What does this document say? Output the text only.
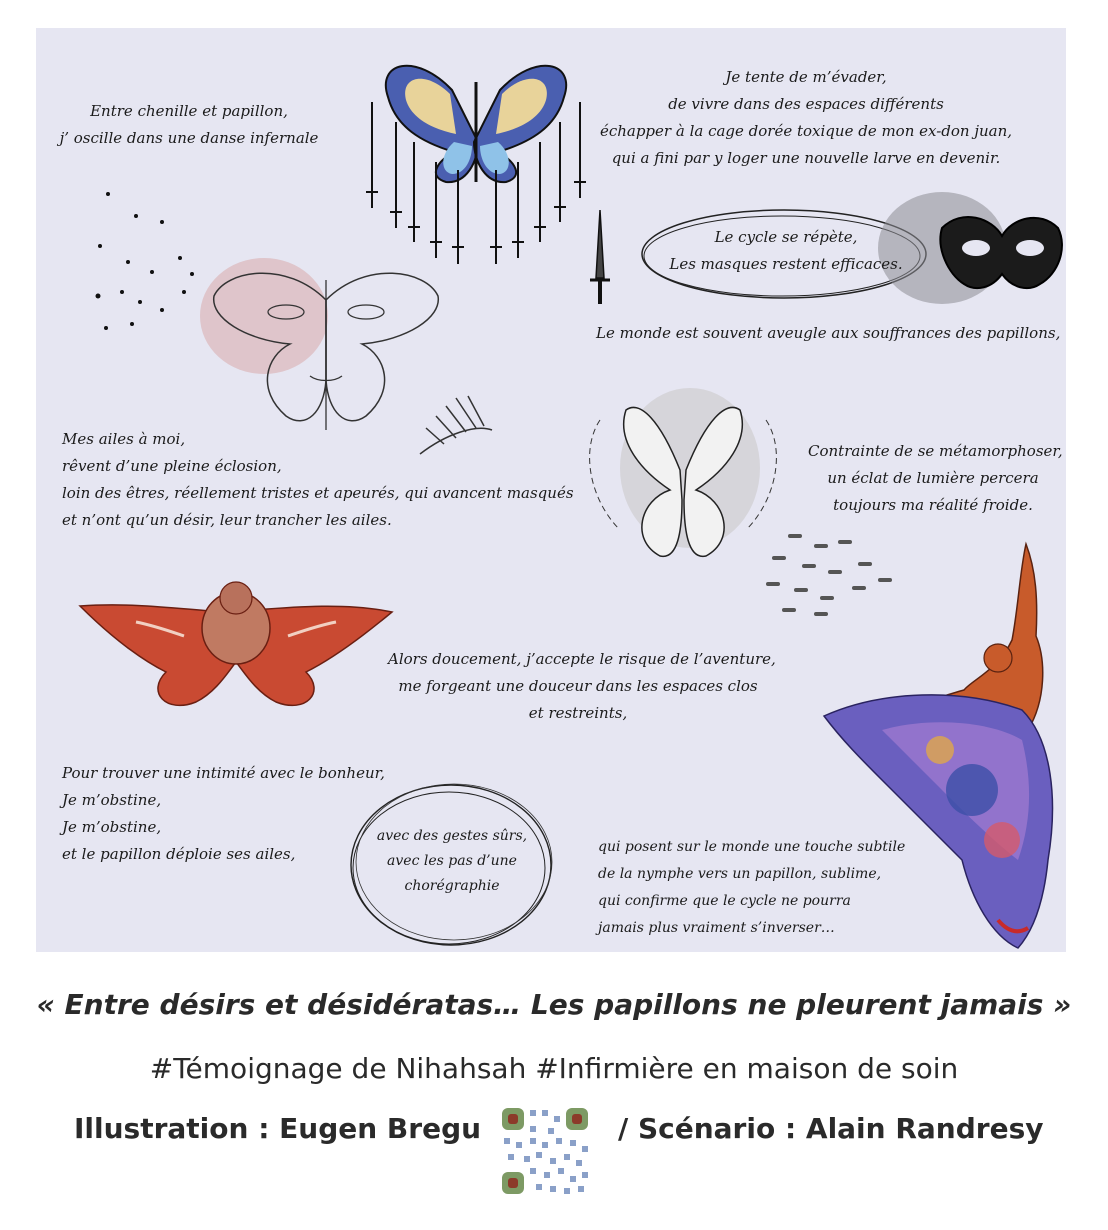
Entre chenille et papillon,
j’ oscille dans une danse infernale
Je tente de m’évader,
de vivre dans des espaces différents
échapper à la cage dorée toxique de mon ex-don juan,
qui a fini par y loger une nouvelle larve en devenir.
Le cycle se répète,
Les masques restent efficaces.
Le monde est souvent aveugle aux souffrances des papillons,
Mes ailes à moi,
rêvent d’une pleine éclosion,
loin des êtres, réellement tristes et apeurés, qui avancent masqués
et n’ont qu’un désir, leur trancher les ailes.
Contrainte de se métamorphoser,
un éclat de lumière percera
toujours ma réalité froide.
Alors doucement, j’accepte le risque de l’aventure,
me forgeant une douceur dans les espaces clos
et restreints,
Pour trouver une intimité avec le bonheur,
Je m’obstine,
Je m’obstine,
et le papillon déploie ses ailes,
avec des gestes sûrs,
avec les pas d’une
chorégraphie
qui posent sur le monde une touche subtile
de la nymphe vers un papillon, sublime,
qui confirme que le cycle ne pourra
jamais plus vraiment s’inverser…
« Entre désirs et désidératas… Les papillons ne pleurent jamais »
#Témoignage de Nihahsah #Infirmière en maison de soin
Illustration : Eugen Bregu	/ Scénario : Alain Randresy
